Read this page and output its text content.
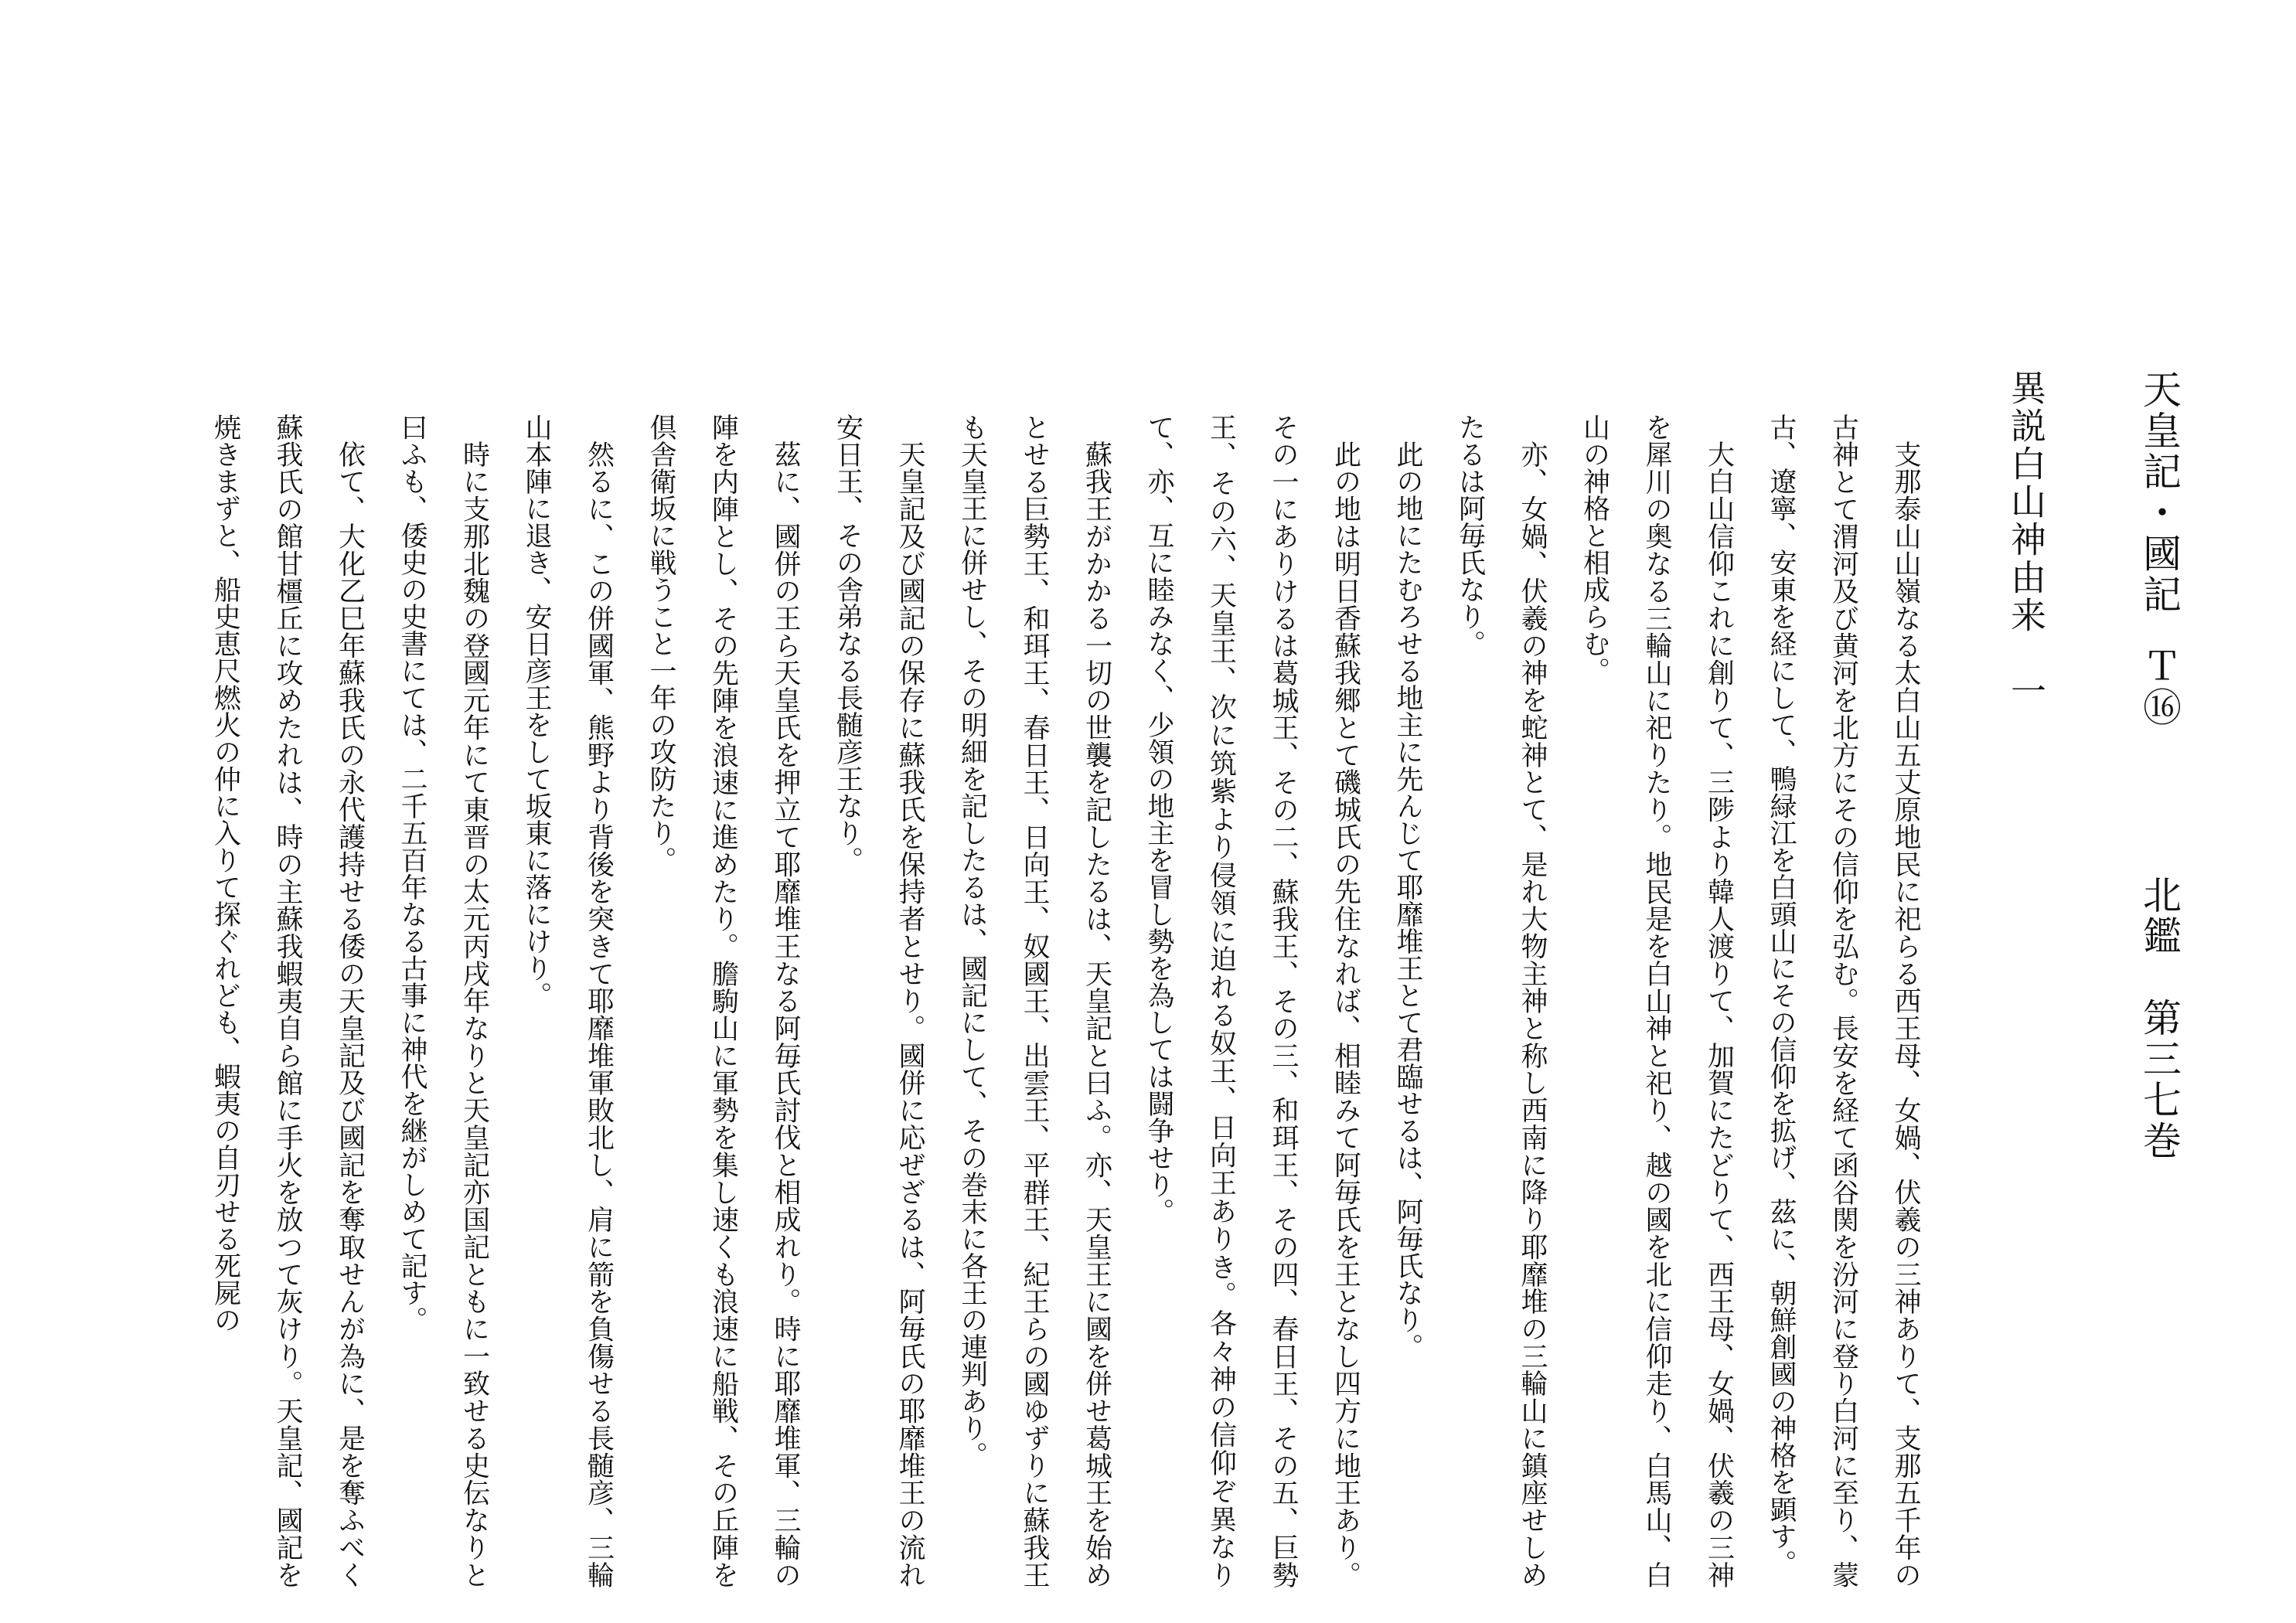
天皇記・國記Ｔ⑯北鑑　第三七巻
異説白山神由来　一

支那泰山山嶺なる太白山五丈原地民に祀らる西王母、女媧、伏羲の三神ありて、支那五千年の古神とて渭河及び黄河を北方にその信仰を弘む。長安を経て函谷関を汾河に登り白河に至り、蒙古、遼寧、安東を経にして、鴨緑江を白頭山にその信仰を拡げ、茲に、朝鮮創國の神格を顕す。

大白山信仰これに創りて、三陟より韓人渡りて、加賀にたどりて、西王母、女媧、伏羲の三神を犀川の奥なる三輪山に祀りたり。地民是を白山神と祀り、越の國を北に信仰走り、白馬山、白山の神格と相成らむ。

亦、女媧、伏羲の神を蛇神とて、是れ大物主神と称し西南に降り耶靡堆の三輪山に鎮座せしめたるは阿毎氏なり。

此の地にたむろせる地主に先んじて耶靡堆王とて君臨せるは、阿毎氏なり。

此の地は明日香蘇我郷とて磯城氏の先住なれば、相睦みて阿毎氏を王となし四方に地王あり。その一にありけるは葛城王、その二、蘇我王、その三、和珥王、その四、春日王、その五、巨勢王、その六、天皇王、次に筑紫より侵領に迫れる奴王、日向王ありき。各々神の信仰ぞ異なりて、亦、互に睦みなく、少領の地主を冒し勢を為しては闘争せり。

蘇我王がかかる一切の世襲を記したるは、天皇記と曰ふ。亦、天皇王に國を併せ葛城王を始めとせる巨勢王、和珥王、春日王、日向王、奴國王、出雲王、平群王、紀王らの國ゆずりに蘇我王も天皇王に併せし、その明細を記したるは、國記にして、その巻末に各王の連判あり。

天皇記及び國記の保存に蘇我氏を保持者とせり。國併に応ぜざるは、阿毎氏の耶靡堆王の流れ安日王、その舎弟なる長髄彦王なり。

茲に、國併の王ら天皇氏を押立て耶靡堆王なる阿毎氏討伐と相成れり。時に耶靡堆軍、三輪の陣を内陣とし、その先陣を浪速に進めたり。膽駒山に軍勢を集し速くも浪速に船戦、その丘陣を倶舎衛坂に戦うこと一年の攻防たり。

然るに、この併國軍、熊野より背後を突きて耶靡堆軍敗北し、肩に箭を負傷せる長髄彦、三輪山本陣に退き、安日彦王をして坂東に落にけり。

時に支那北魏の登國元年にて東晋の太元丙戌年なりと天皇記亦国記ともに一致せる史伝なりと曰ふも、倭史の史書にては、二千五百年なる古事に神代を継がしめて記す。

依て、大化乙巳年蘇我氏の永代護持せる倭の天皇記及び國記を奪取せんが為に、是を奪ふべく蘇我氏の館甘橿丘に攻めたれは、時の主蘇我蝦夷自ら館に手火を放つて灰けり。天皇記、國記を焼きまずと、船史恵尺燃火の仲に入りて探ぐれども、蝦夷の自刃せる死屍の
